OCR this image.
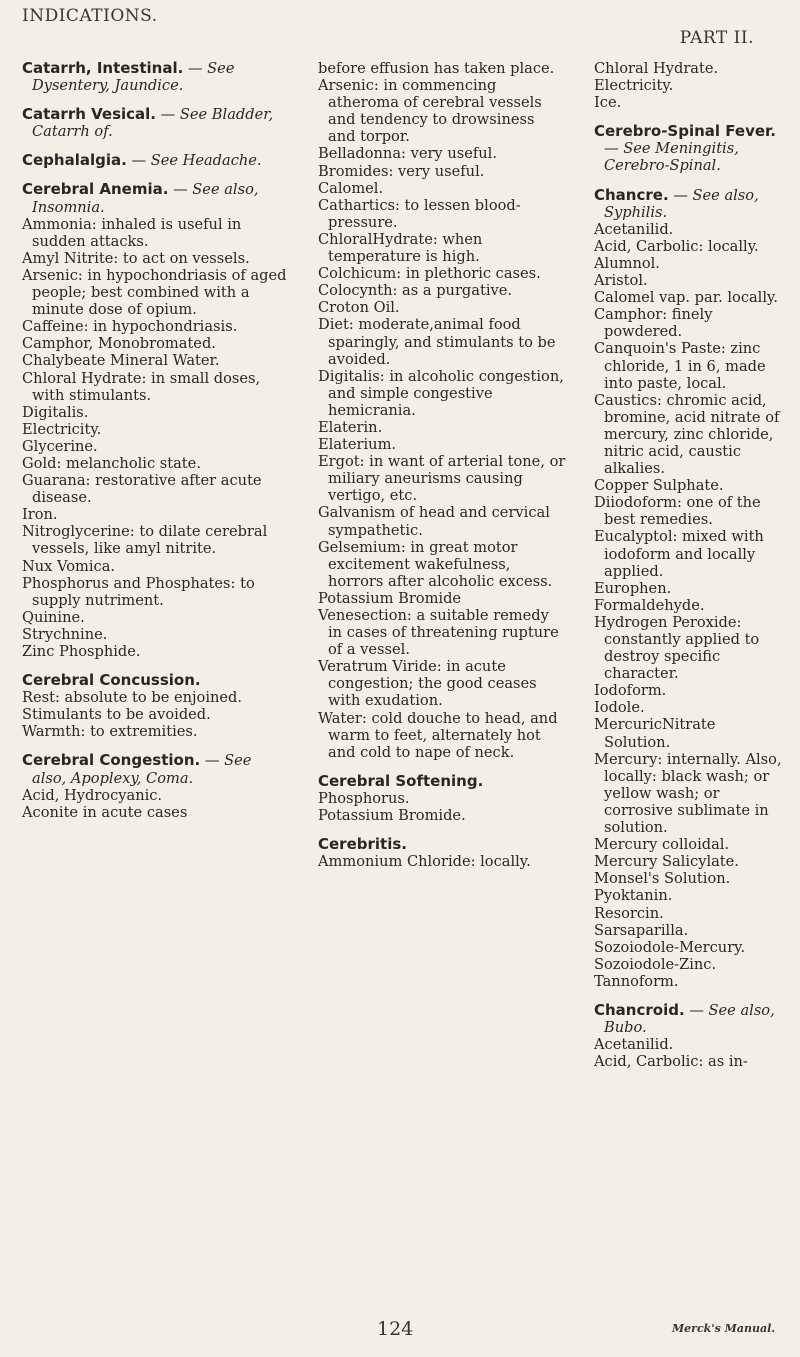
INDICATIONS.
PART II.

Catarrh, Intestinal. — See Dysentery, Jaundice.

Catarrh Vesical. — See Bladder, Catarrh of.

Cephalalgia. — See Headache.

Cerebral Anemia. — See also, Insomnia.

Ammonia: inhaled is useful in sudden attacks.

Amyl Nitrite: to act on vessels.

Arsenic: in hypochondriasis of aged people; best combined with a minute dose of opium.

Caffeine: in hypochondriasis.

Camphor, Monobromated.

Chalybeate Mineral Water.

Chloral Hydrate: in small doses, with stimulants.

Digitalis.

Electricity.

Glycerine.

Gold: melancholic state.

Guarana: restorative after acute disease.

Iron.

Nitroglycerine: to dilate cerebral vessels, like amyl nitrite.

Nux Vomica.

Phosphorus and Phosphates: to supply nutriment.

Quinine.

Strychnine.

Zinc Phosphide.

Cerebral Concussion.

Rest: absolute to be enjoined.

Stimulants to be avoided.

Warmth: to extremities.

Cerebral Congestion. — See also, Apoplexy, Coma.

Acid, Hydrocyanic.

Aconite in acute cases

before effusion has taken place.

Arsenic: in commencing atheroma of cerebral vessels and tendency to drowsiness and torpor.

Belladonna: very useful.

Bromides: very useful.

Calomel.

Cathartics: to lessen blood-pressure.

ChloralHydrate: when temperature is high.

Colchicum: in plethoric cases.

Colocynth: as a purgative.

Croton Oil.

Diet: moderate,animal food sparingly, and stimulants to be avoided.

Digitalis: in alcoholic congestion, and simple congestive hemicrania.

Elaterin.

Elaterium.

Ergot: in want of arterial tone, or miliary aneurisms causing vertigo, etc.

Galvanism of head and cervical sympathetic.

Gelsemium: in great motor excitement wakefulness, horrors after alcoholic excess.

Potassium Bromide

Venesection: a suitable remedy in cases of threatening rupture of a vessel.

Veratrum Viride: in acute congestion; the good ceases with exudation.

Water: cold douche to head, and warm to feet, alternately hot and cold to nape of neck.

Cerebral Softening.

Phosphorus.

Potassium Bromide.

Cerebritis.

Ammonium Chloride: locally.

Chloral Hydrate.

Electricity.

Ice.

Cerebro-Spinal Fever. — See Meningitis, Cerebro-Spinal.

Chancre. — See also, Syphilis.

Acetanilid.

Acid, Carbolic: locally.

Alumnol.

Aristol.

Calomel vap. par. locally.

Camphor: finely powdered.

Canquoin's Paste: zinc chloride, 1 in 6, made into paste, local.

Caustics: chromic acid, bromine, acid nitrate of mercury, zinc chloride, nitric acid, caustic alkalies.

Copper Sulphate.

Diiodoform: one of the best remedies.

Eucalyptol: mixed with iodoform and locally applied.

Europhen.

Formaldehyde.

Hydrogen Peroxide: constantly applied to destroy specific character.

Iodoform.

Iodole.

MercuricNitrate Solution.

Mercury: internally. Also, locally: black wash; or yellow wash; or corrosive sublimate in solution.

Mercury colloidal.

Mercury Salicylate.

Monsel's Solution.

Pyoktanin.

Resorcin.

Sarsaparilla.

Sozoiodole-Mercury.

Sozoiodole-Zinc.

Tannoform.

Chancroid. — See also, Bubo.

Acetanilid.

Acid, Carbolic: as in-

124	Merck's Manual.
